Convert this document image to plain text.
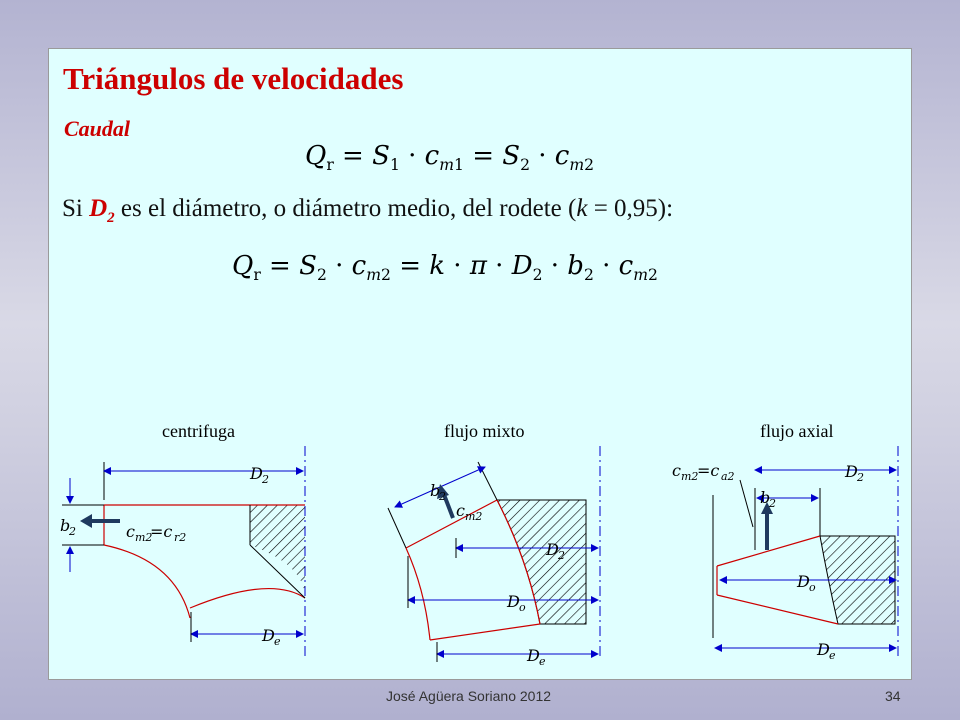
Triángulos de velocidades
Caudal
$Q_r = S_1 \cdot c_{m1} = S_2 \cdot c_{m2}$
Si $D_2$ es el diámetro, o diámetro medio, del rodete (k = 0,95):
$Q_r = S_2 \cdot c_{m2} = k \cdot \pi \cdot D_2 \cdot b_2 \cdot c_{m2}$
centrifuga	flujo mixto	flujo axial
D 2
b
2	c m2
=c r2
D e
b
2
c m2
D 2
D o
D e
c m2
=c a2	D 2
b
2
D o
D e
José Agüera Soriano 2012	34
